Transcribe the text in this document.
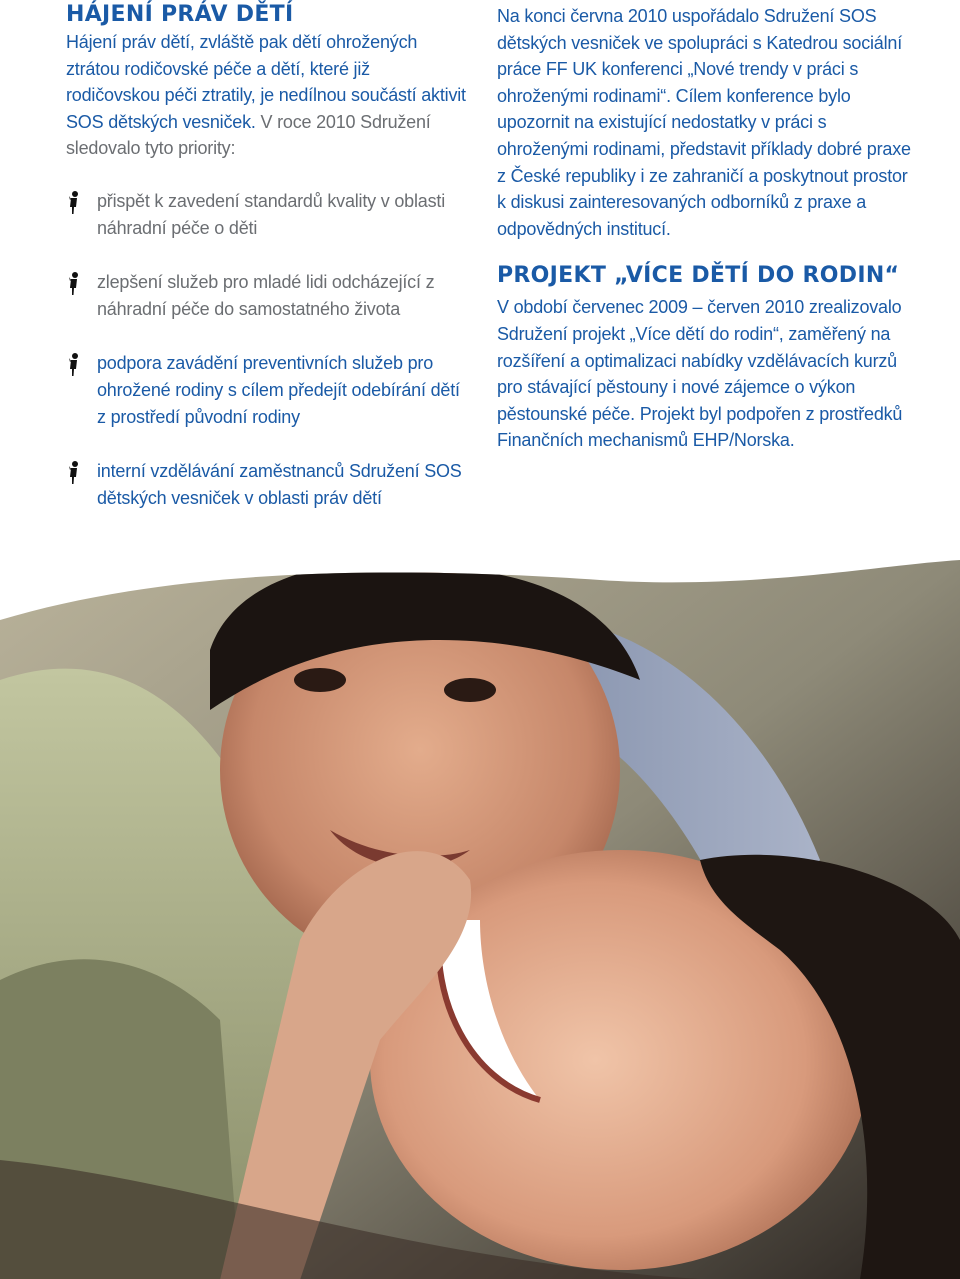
HÁJENÍ PRÁV DĚTÍ

Hájení práv dětí, zvláště pak dětí ohrožených ztrátou rodičovské péče a dětí, které již rodičovskou péči ztratily, je nedílnou součástí aktivit SOS dětských vesniček. V roce 2010 Sdružení sledovalo tyto priority:

přispět k zavedení standardů kvality v oblasti náhradní péče o děti
zlepšení služeb pro mladé lidi odcházející z náhradní péče do samostatného života
podpora zavádění preventivních služeb pro ohrožené rodiny s cílem předejít odebírání dětí z prostředí původní rodiny
interní vzdělávání zaměstnanců Sdružení SOS dětských vesniček v oblasti práv dětí

Na konci června 2010 uspořádalo Sdružení SOS dětských vesniček ve spolupráci s Katedrou sociální práce FF UK konferenci „Nové trendy v práci s ohroženými rodinami“. Cílem konference bylo upozornit na existující nedostatky v práci s ohroženými rodinami, představit příklady dobré praxe z České republiky i ze zahraničí a poskytnout prostor k diskusi zainteresovaných odborníků z praxe a odpovědných institucí.

PROJEKT „VÍCE DĚTÍ DO RODIN“

V období červenec 2009 – červen 2010 zrealizovalo Sdružení projekt „Více dětí do rodin“, zaměřený na rozšíření a optimalizaci nabídky vzdělávacích kurzů pro stávající pěstouny i nové zájemce o výkon pěstounské péče. Projekt byl podpořen z prostředků Finančních mechanismů EHP/Norska.
